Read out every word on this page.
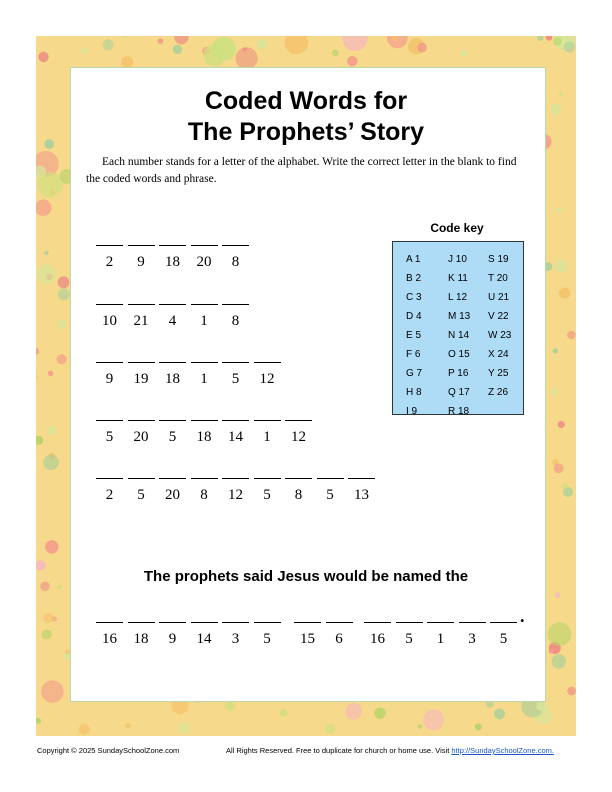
Coded Words for
The Prophets’ Story
Each number stands for a letter of the alphabet. Write the correct letter in the blank to find the coded words and phrase.
Code key
A 1
B 2
C 3
D 4
E 5
F 6
G 7
H 8
I 9
J 10
K 11
L 12
M 13
N 14
O 15
P 16
Q 17
R 18
S 19
T 20
U 21
V 22
W 23
X 24
Y 25
Z 26
2	9	18	20	8
10	21	4	1	8
9	19	18	1	5	12
5	20	5	18	14	1	12
2	5	20	8	12	5	8	5	13
The prophets said Jesus would be named the
16	18	9	14	3	5	15	6	16	5	1	3	5
.
Copyright © 2025 SundaySchoolZone.com	All Rights Reserved. Free to duplicate for church or home use. Visit http://SundaySchoolZone.com.
